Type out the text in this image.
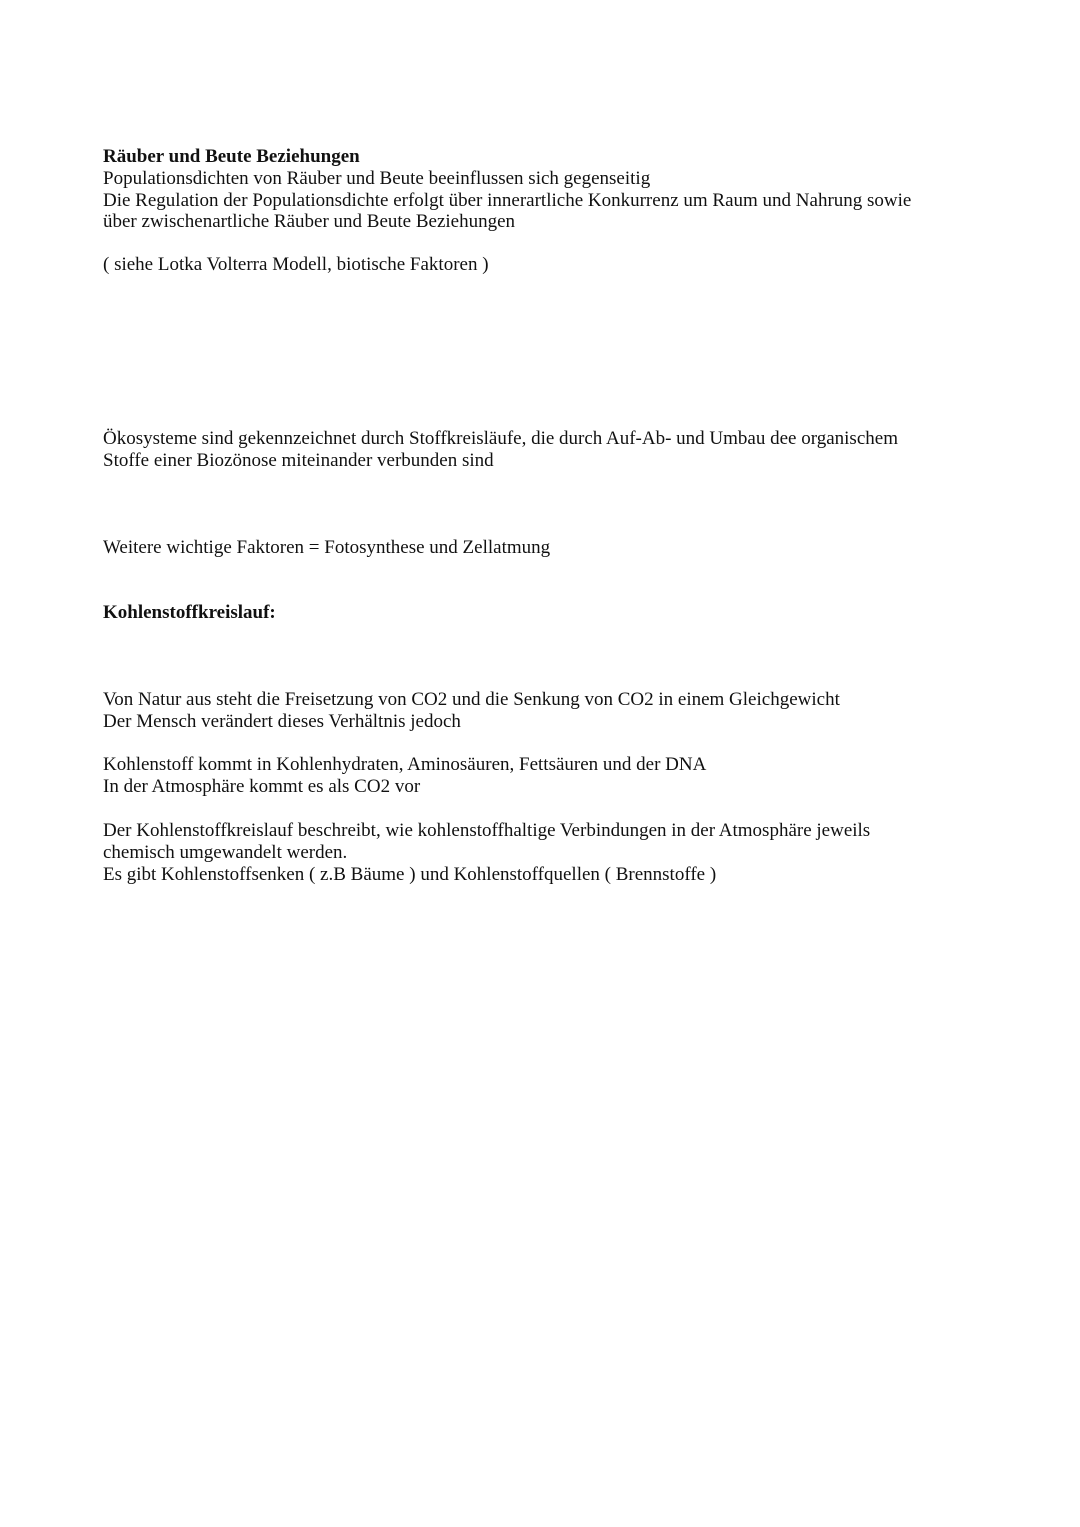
Räuber und Beute Beziehungen
Populationsdichten von Räuber und Beute beeinflussen sich gegenseitig
Die Regulation der Populationsdichte erfolgt über innerartliche Konkurrenz um Raum und Nahrung sowie
über zwischenartliche Räuber und Beute Beziehungen
( siehe Lotka Volterra Modell, biotische Faktoren )
Ökosysteme sind gekennzeichnet durch Stoffkreisläufe, die durch Auf-Ab- und Umbau dee organischem
Stoffe einer Biozönose miteinander verbunden sind
Weitere wichtige Faktoren = Fotosynthese und Zellatmung
Kohlenstoffkreislauf:
Von Natur aus steht die Freisetzung von CO2 und die Senkung von CO2 in einem Gleichgewicht
Der Mensch verändert dieses Verhältnis jedoch
Kohlenstoff kommt in Kohlenhydraten, Aminosäuren, Fettsäuren und der DNA
In der Atmosphäre kommt es als CO2 vor
Der Kohlenstoffkreislauf beschreibt, wie kohlenstoffhaltige Verbindungen in der Atmosphäre jeweils
chemisch umgewandelt werden.
Es gibt Kohlenstoffsenken ( z.B Bäume ) und Kohlenstoffquellen ( Brennstoffe )
